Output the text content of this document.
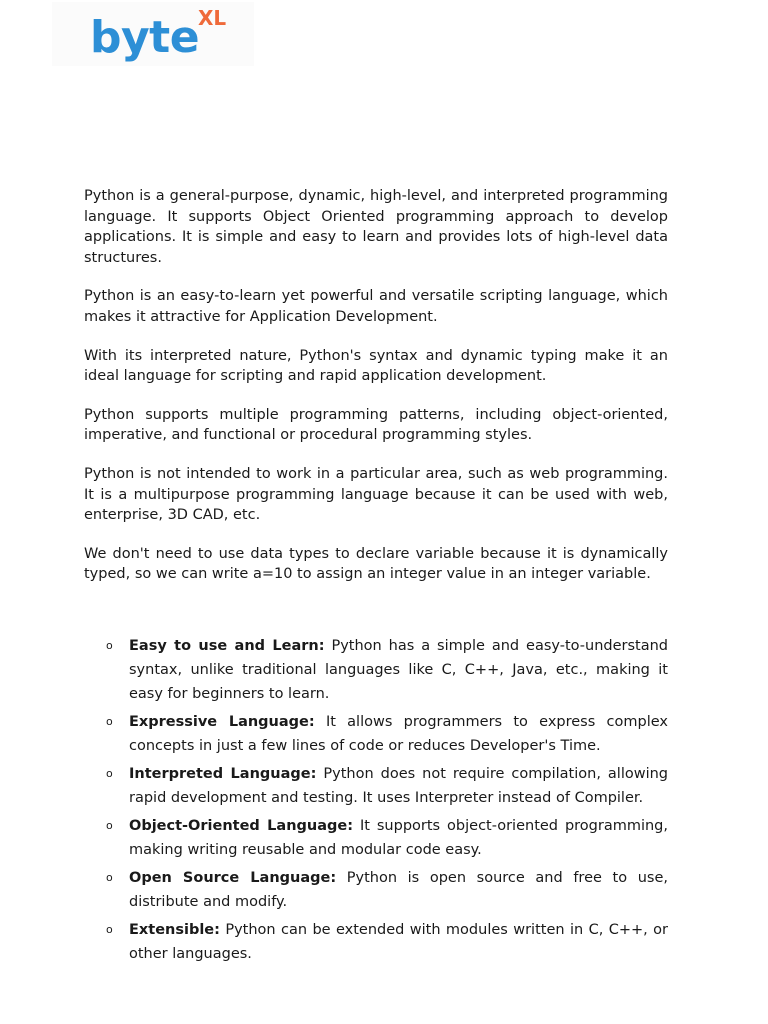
byte
XL

Python is a general-purpose, dynamic, high-level, and interpreted programming language. It supports Object Oriented programming approach to develop applications. It is simple and easy to learn and provides lots of high-level data structures.

Python is an easy-to-learn yet powerful and versatile scripting language, which makes it attractive for Application Development.

With its interpreted nature, Python's syntax and dynamic typing make it an ideal language for scripting and rapid application development.

Python supports multiple programming patterns, including object-oriented, imperative, and functional or procedural programming styles.

Python is not intended to work in a particular area, such as web programming. It is a multipurpose programming language because it can be used with web, enterprise, 3D CAD, etc.

We don't need to use data types to declare variable because it is dynamically typed, so we can write a=10 to assign an integer value in an integer variable.

o Easy to use and Learn: Python has a simple and easy-to-understand syntax, unlike traditional languages like C, C++, Java, etc., making it easy for beginners to learn.
o Expressive Language: It allows programmers to express complex concepts in just a few lines of code or reduces Developer's Time.
o Interpreted Language: Python does not require compilation, allowing rapid development and testing. It uses Interpreter instead of Compiler.
o Object-Oriented Language: It supports object-oriented programming, making writing reusable and modular code easy.
o Open Source Language: Python is open source and free to use, distribute and modify.
o Extensible: Python can be extended with modules written in C, C++, or other languages.
